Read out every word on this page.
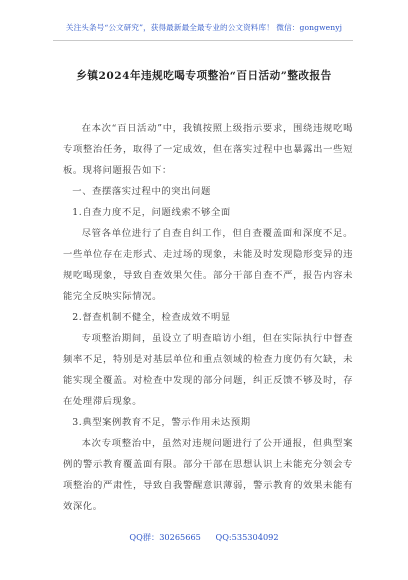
关注头条号“公文研究”，获得最新最全最专业的公文资料库！ 微信：gongwenyj
乡镇2024年违规吃喝专项整治“百日活动”整改报告

在本次“百日活动”中，我镇按照上级指示要求，围绕违规吃喝专项整治任务，取得了一定成效，但在落实过程中也暴露出一些短板。现将问题报告如下：

一、查摆落实过程中的突出问题

1.自查力度不足，问题线索不够全面

尽管各单位进行了自查自纠工作，但自查覆盖面和深度不足。一些单位存在走形式、走过场的现象，未能及时发现隐形变异的违规吃喝现象，导致自查效果欠佳。部分干部自查不严，报告内容未能完全反映实际情况。

2.督查机制不健全，检查成效不明显

专项整治期间，虽设立了明查暗访小组，但在实际执行中督查频率不足，特别是对基层单位和重点领域的检查力度仍有欠缺，未能实现全覆盖。对检查中发现的部分问题，纠正反馈不够及时，存在处理滞后现象。

3.典型案例教育不足，警示作用未达预期

本次专项整治中，虽然对违规问题进行了公开通报，但典型案例的警示教育覆盖面有限。部分干部在思想认识上未能充分领会专项整治的严肃性，导致自我警醒意识薄弱，警示教育的效果未能有效深化。

QQ群：30265665 QQ:535304092
